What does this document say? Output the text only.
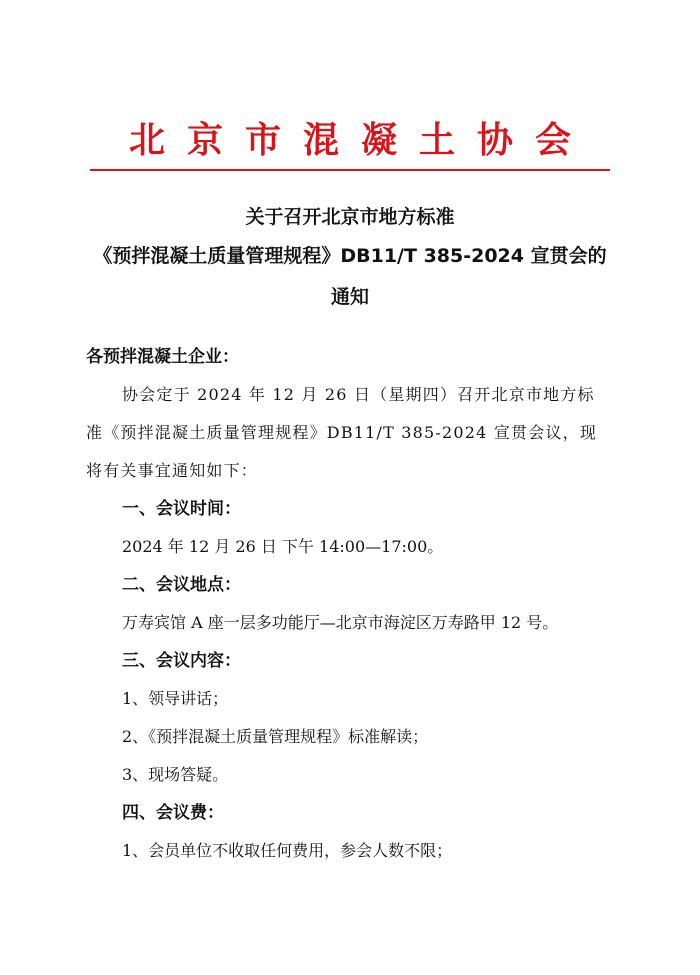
北京市混凝土协会
关于召开北京市地方标准
《预拌混凝土质量管理规程》DB11/T 385-2024 宣贯会的
通知
各预拌混凝土企业：
协会定于 2024 年 12 月 26 日（星期四）召开北京市地方标
准《预拌混凝土质量管理规程》DB11/T 385-2024 宣贯会议，现
将有关事宜通知如下：
一、会议时间：
2024 年 12 月 26 日 下午 14:00—17:00。
二、会议地点：
万寿宾馆 A 座一层多功能厅—北京市海淀区万寿路甲 12 号。
三、会议内容：
1、领导讲话；
2、《预拌混凝土质量管理规程》标准解读；
3、现场答疑。
四、会议费：
1、会员单位不收取任何费用，参会人数不限；
